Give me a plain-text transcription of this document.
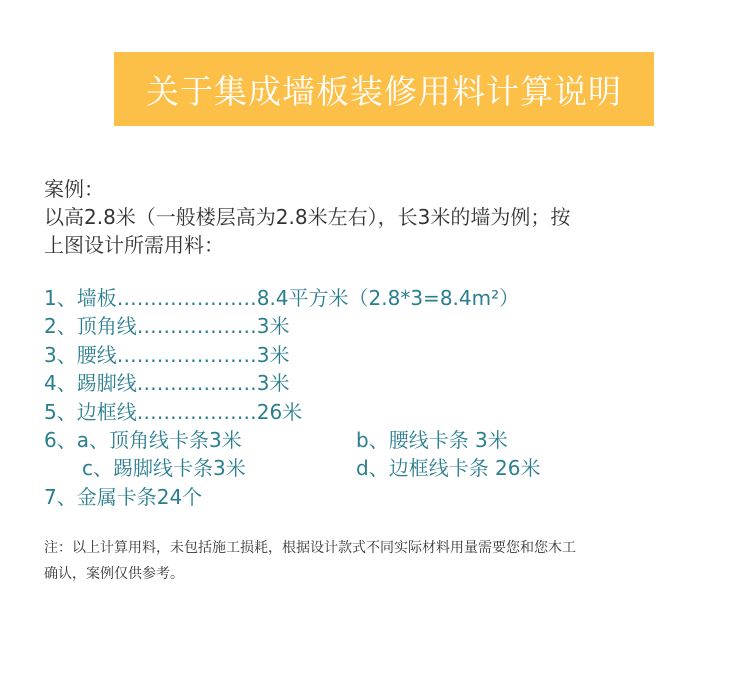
关于集成墙板装修用料计算说明
案例：
以高2.8米（一般楼层高为2.8米左右），长3米的墙为例；按
上图设计所需用料：
1、墙板…………………8.4平方米（2.8*3=8.4m²）
2、顶角线………………3米
3、腰线…………………3米
4、踢脚线………………3米
5、边框线………………26米
6、a、顶角线卡条3米	b、腰线卡条 3米
c、踢脚线卡条3米	d、边框线卡条 26米
7、金属卡条24个
注：以上计算用料，未包括施工损耗，根据设计款式不同实际材料用量需要您和您木工
确认，案例仅供参考。
